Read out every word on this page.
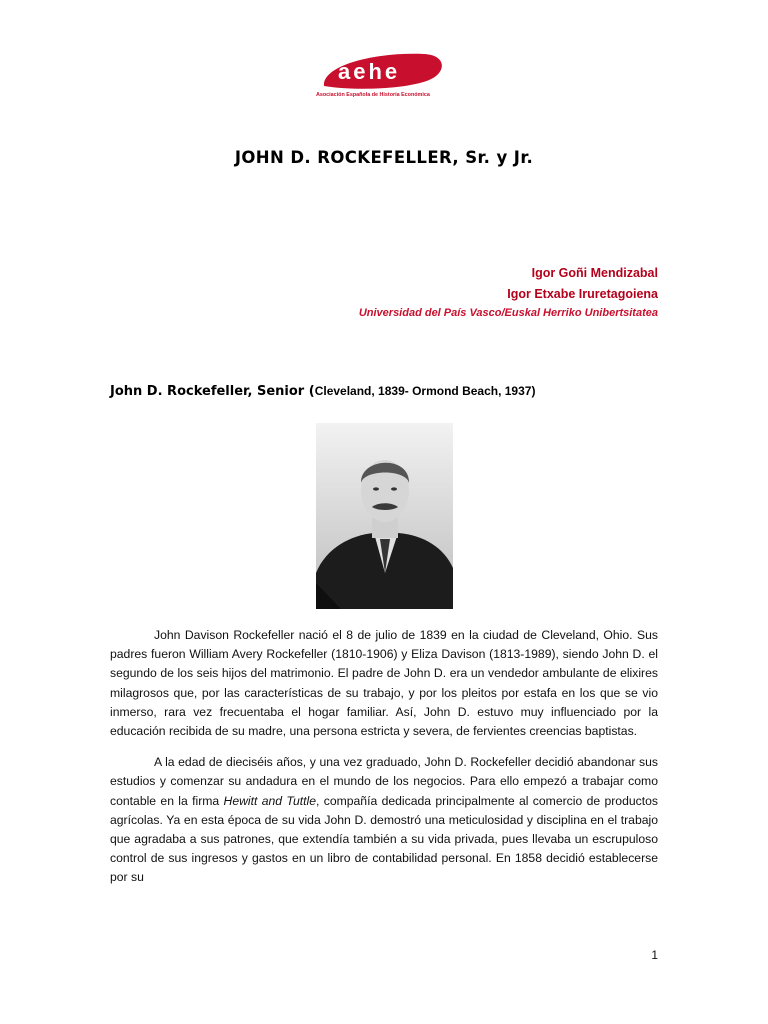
aehe
Asociación Española de Historia Económica
JOHN D. ROCKEFELLER, Sr. y Jr.
Igor Goñi Mendizabal
Igor Etxabe Iruretagoiena
Universidad del País Vasco/Euskal Herriko Unibertsitatea
John D. Rockefeller, Senior (Cleveland, 1839- Ormond Beach, 1937)

John Davison Rockefeller nació el 8 de julio de 1839 en la ciudad de Cleveland, Ohio. Sus padres fueron William Avery Rockefeller (1810-1906) y Eliza Davison (1813-1989), siendo John D. el segundo de los seis hijos del matrimonio. El padre de John D. era un vendedor ambulante de elixires milagrosos que, por las características de su trabajo, y por los pleitos por estafa en los que se vio inmerso, rara vez frecuentaba el hogar familiar. Así, John D. estuvo muy influenciado por la educación recibida de su madre, una persona estricta y severa, de fervientes creencias baptistas.

A la edad de dieciséis años, y una vez graduado, John D. Rockefeller decidió abandonar sus estudios y comenzar su andadura en el mundo de los negocios. Para ello empezó a trabajar como contable en la firma Hewitt and Tuttle, compañía dedicada principalmente al comercio de productos agrícolas. Ya en esta época de su vida John D. demostró una meticulosidad y disciplina en el trabajo que agradaba a sus patrones, que extendía también a su vida privada, pues llevaba un escrupuloso control de sus ingresos y gastos en un libro de contabilidad personal. En 1858 decidió establecerse por su

1
